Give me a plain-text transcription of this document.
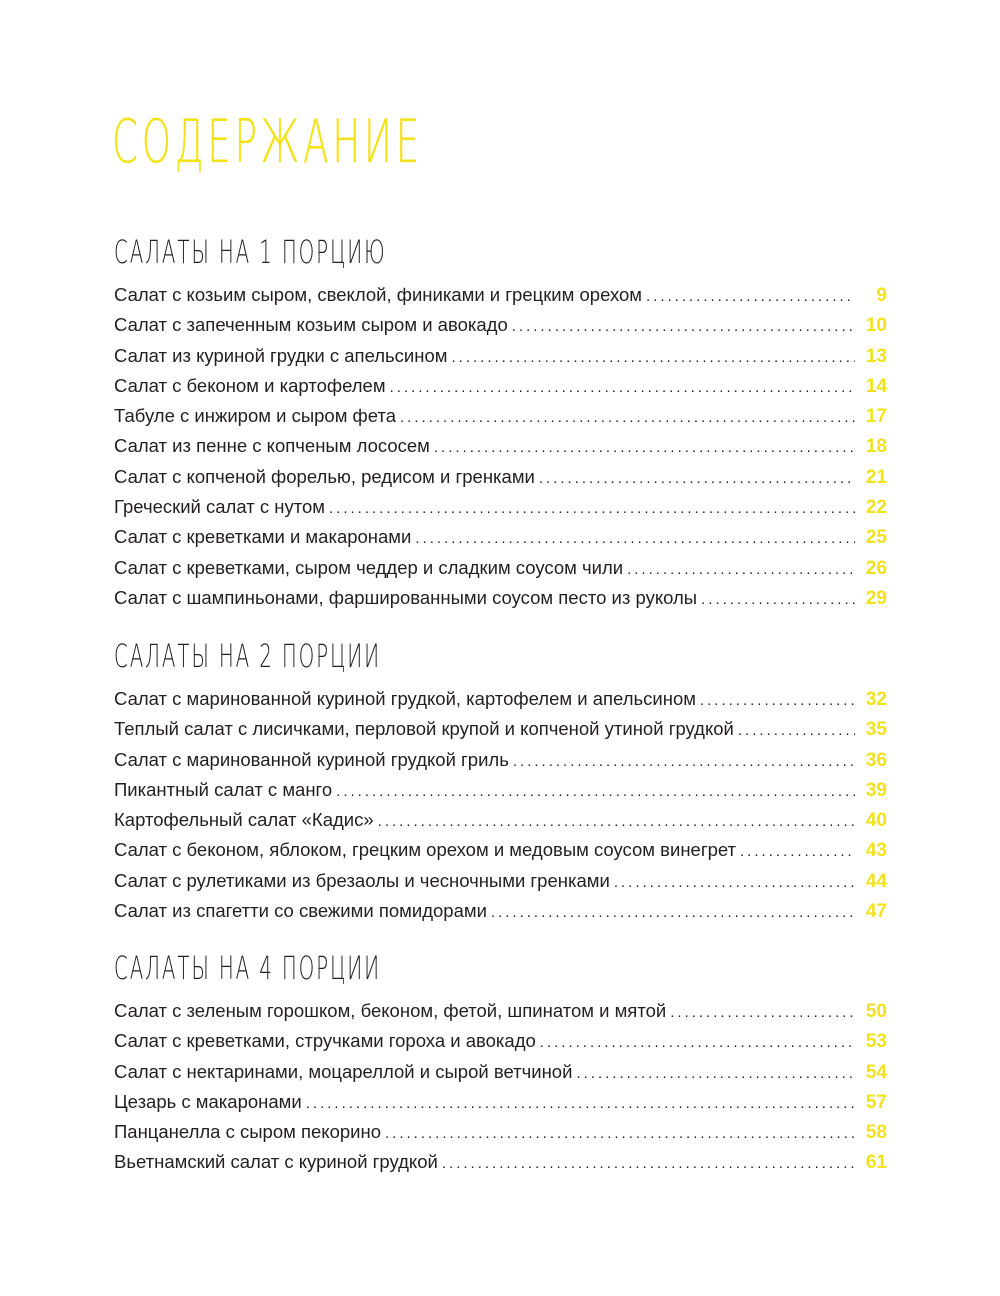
СОДЕРЖАНИЕ
САЛАТЫ НА 1 ПОРЦИЮ
Салат с козьим сыром, свеклой, финиками и грецким орехом .....	9
Салат с запеченным козьим сыром и авокадо .....	10
Салат из куриной грудки с апельсином .....	13
Салат с беконом и картофелем .....	14
Табуле с инжиром и сыром фета .....	17
Салат из пенне с копченым лососем .....	18
Салат с копченой форелью, редисом и гренками .....	21
Греческий салат с нутом .....	22
Салат с креветками и макаронами .....	25
Салат с креветками, сыром чеддер и сладким соусом чили .....	26
Салат с шампиньонами, фаршированными соусом песто из руколы .....	29
САЛАТЫ НА 2 ПОРЦИИ
Салат с маринованной куриной грудкой, картофелем и апельсином .....	32
Теплый салат с лисичками, перловой крупой и копченой утиной грудкой .....	35
Салат с маринованной куриной грудкой гриль .....	36
Пикантный салат с манго .....	39
Картофельный салат «Кадис» .....	40
Салат с беконом, яблоком, грецким орехом и медовым соусом винегрет .....	43
Салат с рулетиками из брезаолы и чесночными гренками .....	44
Салат из спагетти со свежими помидорами .....	47
САЛАТЫ НА 4 ПОРЦИИ
Салат с зеленым горошком, беконом, фетой, шпинатом и мятой .....	50
Салат с креветками, стручками гороха и авокадо .....	53
Салат с нектаринами, моцареллой и сырой ветчиной .....	54
Цезарь с макаронами .....	57
Панцанелла с сыром пекорино .....	58
Вьетнамский салат с куриной грудкой .....	61
